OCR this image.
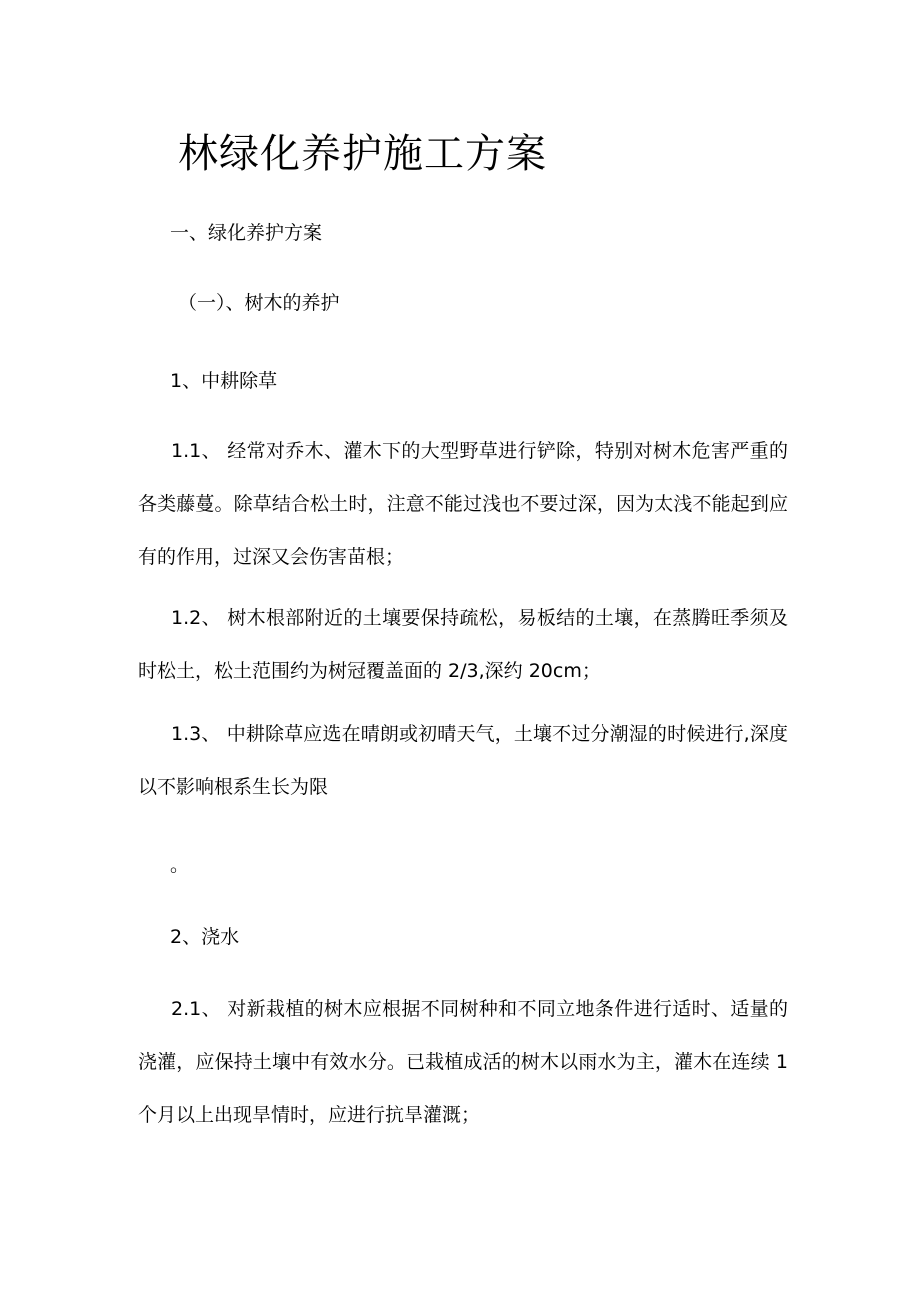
林绿化养护施工方案
一、绿化养护方案
（一）、树木的养护
1、中耕除草
1.1、 经常对乔木、灌木下的大型野草进行铲除，特别对树木危害严重的各类藤蔓。除草结合松土时，注意不能过浅也不要过深，因为太浅不能起到应有的作用，过深又会伤害苗根；
1.2、 树木根部附近的土壤要保持疏松，易板结的土壤，在蒸腾旺季须及时松土，松土范围约为树冠覆盖面的 2/3,深约 20cm；
1.3、 中耕除草应选在晴朗或初晴天气，土壤不过分潮湿的时候进行,深度以不影响根系生长为限
。
2、浇水
2.1、 对新栽植的树木应根据不同树种和不同立地条件进行适时、适量的浇灌，应保持土壤中有效水分。已栽植成活的树木以雨水为主，灌木在连续 1 个月以上出现旱情时，应进行抗旱灌溉；
